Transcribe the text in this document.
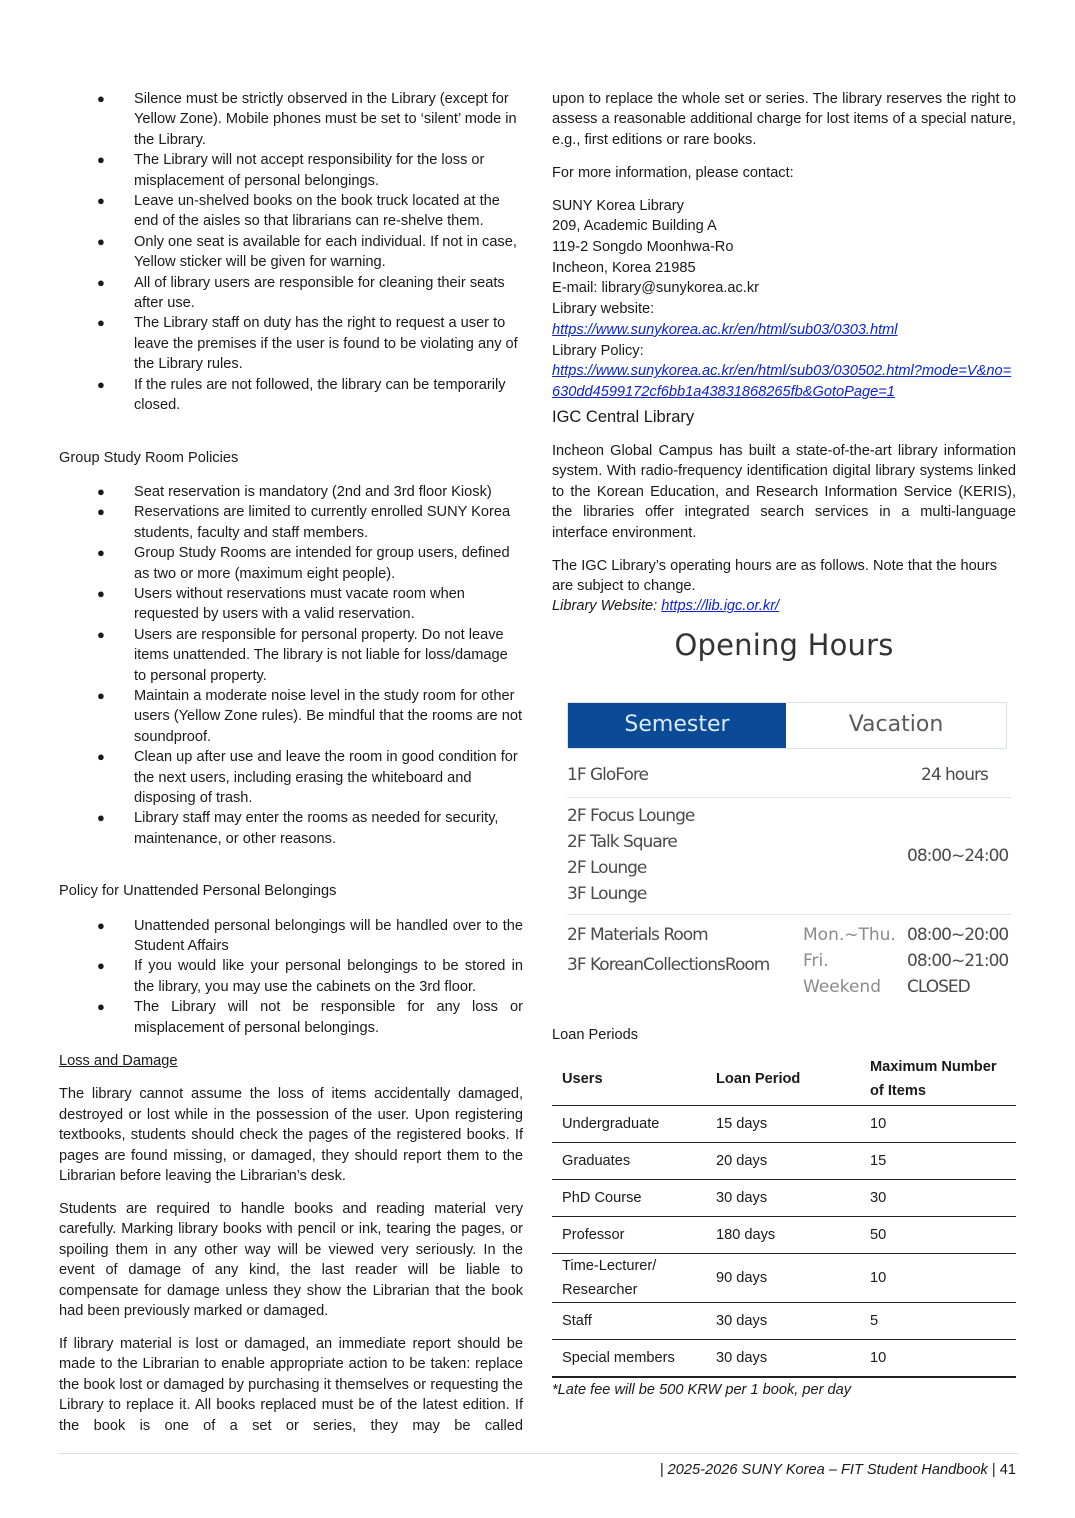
● Silence must be strictly observed in the Library (except for Yellow Zone). Mobile phones must be set to ‘silent’ mode in the Library.
● The Library will not accept responsibility for the loss or misplacement of personal belongings.
● Leave un-shelved books on the book truck located at the end of the aisles so that librarians can re-shelve them.
● Only one seat is available for each individual. If not in case, Yellow sticker will be given for warning.
● All of library users are responsible for cleaning their seats after use.
● The Library staff on duty has the right to request a user to leave the premises if the user is found to be violating any of the Library rules.
● If the rules are not followed, the library can be temporarily closed.
Group Study Room Policies
● Seat reservation is mandatory (2nd and 3rd floor Kiosk)
● Reservations are limited to currently enrolled SUNY Korea students, faculty and staff members.
● Group Study Rooms are intended for group users, defined as two or more (maximum eight people).
● Users without reservations must vacate room when requested by users with a valid reservation.
● Users are responsible for personal property. Do not leave items unattended. The library is not liable for loss/damage to personal property.
● Maintain a moderate noise level in the study room for other users (Yellow Zone rules). Be mindful that the rooms are not soundproof.
● Clean up after use and leave the room in good condition for the next users, including erasing the whiteboard and disposing of trash.
● Library staff may enter the rooms as needed for security, maintenance, or other reasons.
Policy for Unattended Personal Belongings
● Unattended personal belongings will be handled over to the Student Affairs
● If you would like your personal belongings to be stored in the library, you may use the cabinets on the 3rd floor.
● The Library will not be responsible for any loss or misplacement of personal belongings.
Loss and Damage

The library cannot assume the loss of items accidentally damaged, destroyed or lost while in the possession of the user. Upon registering textbooks, students should check the pages of the registered books. If pages are found missing, or damaged, they should report them to the Librarian before leaving the Librarian’s desk.

Students are required to handle books and reading material very carefully. Marking library books with pencil or ink, tearing the pages, or spoiling them in any other way will be viewed very seriously. In the event of damage of any kind, the last reader will be liable to compensate for damage unless they show the Librarian that the book had been previously marked or damaged.

If library material is lost or damaged, an immediate report should be made to the Librarian to enable appropriate action to be taken: replace the book lost or damaged by purchasing it themselves or requesting the Library to replace it. All books replaced must be of the latest edition. If the book is one of a set or series, they may be called

upon to replace the whole set or series. The library reserves the right to assess a reasonable additional charge for lost items of a special nature, e.g., first editions or rare books.

For more information, please contact:

SUNY Korea Library
209, Academic Building A
119-2 Songdo Moonhwa-Ro
Incheon, Korea 21985
E-mail: library@sunykorea.ac.kr
Library website:
https://www.sunykorea.ac.kr/en/html/sub03/0303.html
Library Policy:
https://www.sunykorea.ac.kr/en/html/sub03/030502.html?mode=V&no=630dd4599172cf6bb1a43831868265fb&GotoPage=1
IGC Central Library

Incheon Global Campus has built a state-of-the-art library information system. With radio-frequency identification digital library systems linked to the Korean Education, and Research Information Service (KERIS), the libraries offer integrated search services in a multi-language interface environment.

The IGC Library’s operating hours are as follows. Note that the hours are subject to change.
Library Website: https://lib.igc.or.kr/
Opening Hours
Semester	Vacation
1F GloFore	24 hours
2F Focus Lounge
2F Talk Square
2F Lounge
3F Lounge
08:00~24:00
2F Materials Room
3F KoreanCollectionsRoom
Mon.~Thu. 08:00~20:00
Fri.	08:00~21:00
Weekend CLOSED
Loan Periods
Users	Loan Period	Maximum Number of Items
Undergraduate	15 days	10
Graduates	20 days	15
PhD Course	30 days	30
Professor	180 days	50
Time-Lecturer/ Researcher	90 days	10
Staff	30 days	5
Special members	30 days	10
*Late fee will be 500 KRW per 1 book, per day
| 2025-2026 SUNY Korea – FIT Student Handbook | 41
